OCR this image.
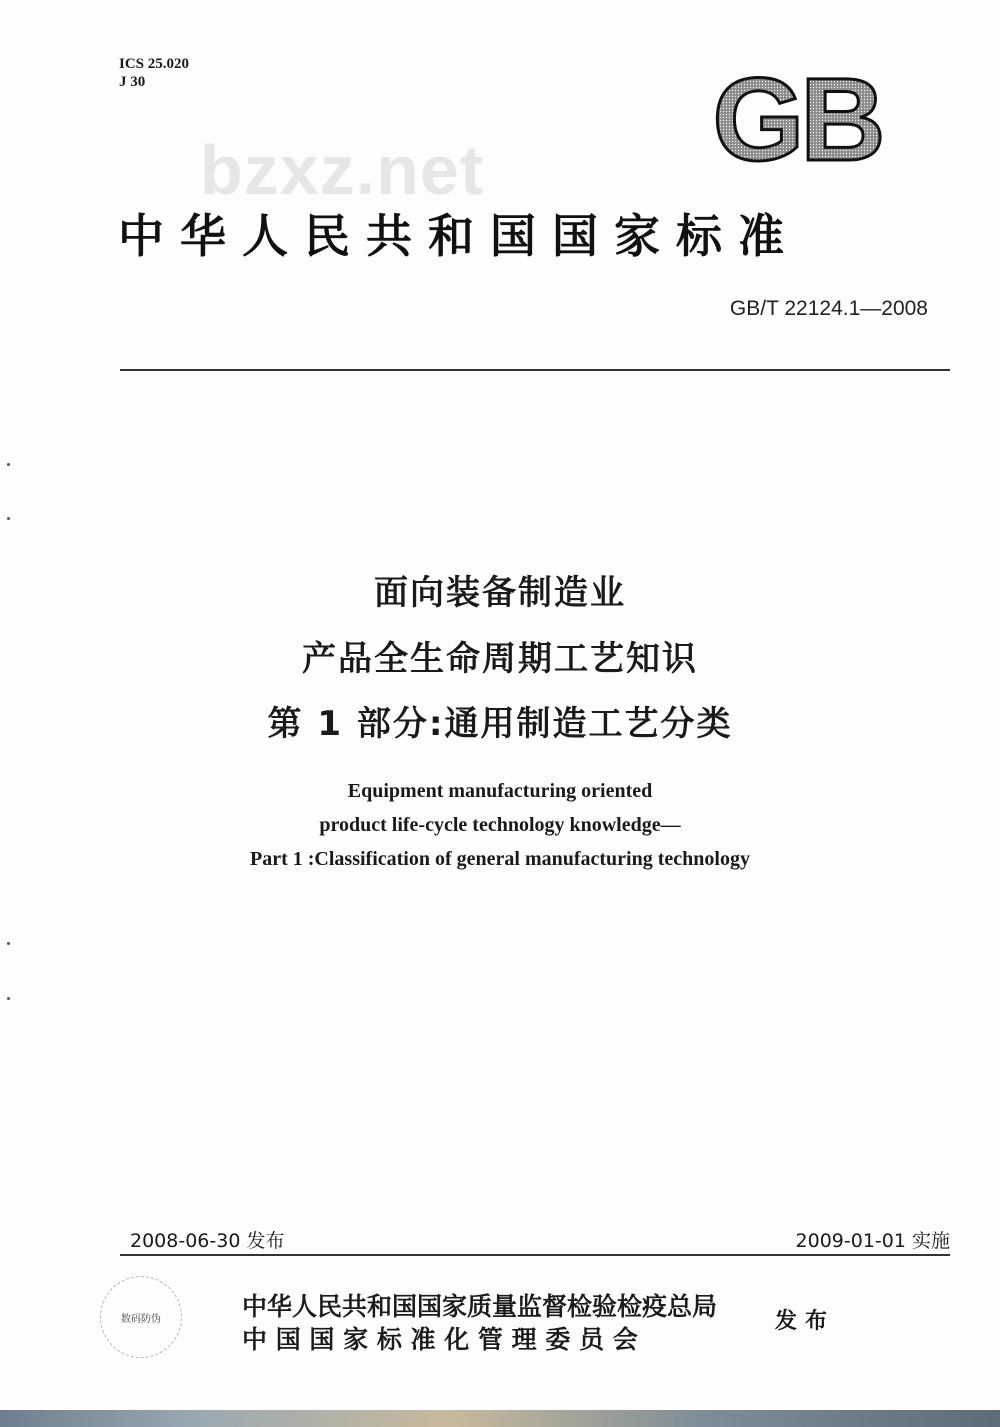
ICS 25.020
J 30
bzxz.net GB
中华人民共和国国家标准
GB/T 22124.1—2008
面向装备制造业
产品全生命周期工艺知识
第 1 部分:通用制造工艺分类
Equipment manufacturing oriented
product life-cycle technology knowledge—
Part 1 :Classification of general manufacturing technology
2008-06-30 发布	2009-01-01 实施
数码防伪	中华人民共和国国家质量监督检验检疫总局
中 国 国 家 标 准 化 管 理 委 员 会
发布
